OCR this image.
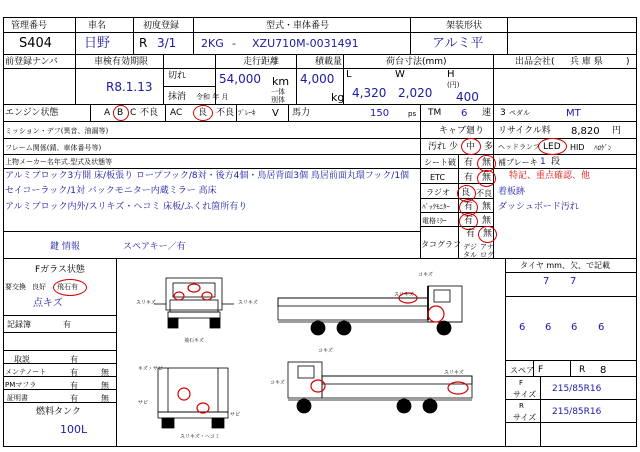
管理番号
S404
車名
日野
初度登録
R 3/1
型式・車体番号
2KG - XZU710M-0031491
架装形状
アルミ平
前登録ナンバ	車検有効期限
R8.1.13
切れ
抹消 令和 年 月
走行距離
54,000 km
一体
別体
積載量
4,000
kg
荷台寸法(mm)
L	W	H
(円)
4,320 2,020 400
出品会社( 兵 庫 県	)
エンジン状態	A B C 不良 AC 良 不良 ﾌﾞﾚｰｷ V 馬力	150	ps TM 6 速 3 ペダル	MT
ミッション・デフ(異音、油漏等)
フレーム関係(錆、車体番号等)
上物メーカー名年式.型式及状態等
アルミブロック3方開 床/板張り ロープフック/8対・後方4個・鳥居背面3個 鳥居前面丸環フック/1個
セイコーラック/1対 バックモニター内蔵ミラー 高床
アルミブロック内外/スリキズ・ヘコミ 床板/ふくれ箇所有り
鍵 情報	スペアキー／有
キャブ廻り
汚れ 少 中 多
シート破 有 無
ETC 有 無
ラジオ 良 不良
ﾊﾞｯｸﾓﾆﾀｰ 有 無
電格ﾐﾗｰ 有 無
タコグラフ
有 無
デジ
タル
アナ
ログ
リサイクル料 8,820 円
ヘッドランプ LED HID ﾊﾛｹﾞﾝ
補ブレーキ 1 段
特記、重点確認、他
着板跡
ダッシュボード汚れ
Fガラス状態
要交換 良好 飛石有
点キズ
記録簿	有
取説	有
メンテノート	有	無
PMマフラ	有	無
証明書	有	無
燃料タンク
100L
タイヤ mm、欠、で記載
7 7
6 6 6 6
スペア F	R 8
F
サイズ
215/85R16
R
サイズ
215/85R16
スリキズ	スリキズ
飛石キズ
コキズ
スリキズ
キズ・サビ
サビ
サビ
スリキズ・ヘコミ
コキズ
コキズ
スリキズ
